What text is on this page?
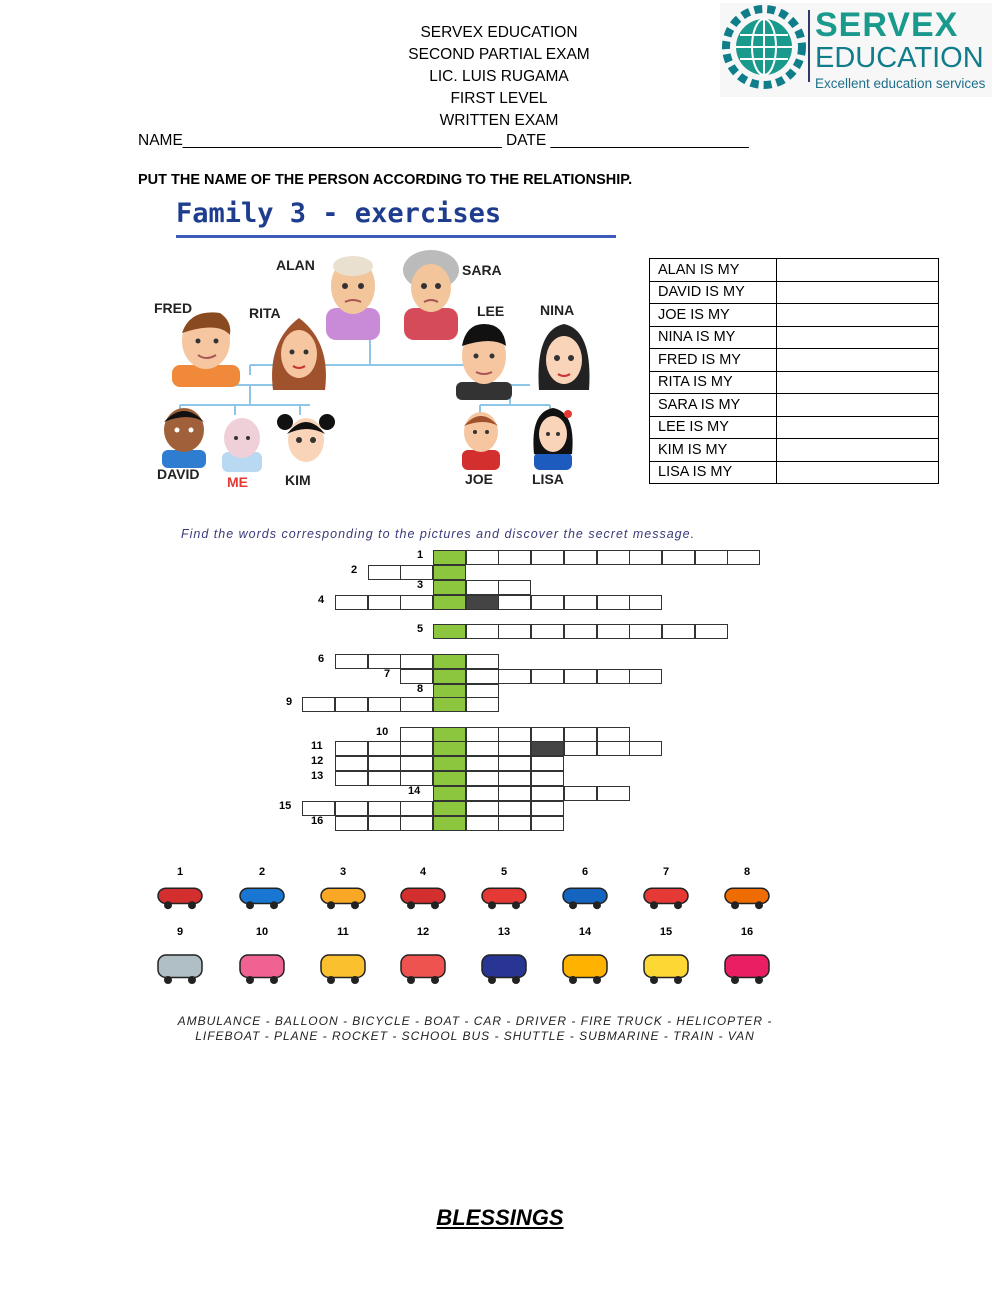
SERVEX EDUCATION
SECOND PARTIAL EXAM
LIC. LUIS RUGAMA
FIRST LEVEL
WRITTEN EXAM
SERVEX
EDUCATION
Excellent education services
NAME_____________________________________ DATE _______________________
PUT THE NAME OF THE PERSON ACCORDING TO THE RELATIONSHIP.
Family 3 - exercises
ALAN	SARA
FRED	RITA	LEE	NINA
DAVID ME	KIM	JOE	LISA
ALAN IS MY	
DAVID IS MY	
JOE IS MY	
NINA IS MY	
FRED IS MY	
RITA IS MY	
SARA IS MY	
LEE IS MY	
KIM IS MY	
LISA IS MY	
Find the words corresponding to the pictures and discover the secret message.
1
2
3
4
5
6
7
8
9
10
11
12
13
14
15
16
1	2	3	4	5	6	7	8
9	10	11	12	13	14	15	16
AMBULANCE - BALLOON - BICYCLE - BOAT - CAR - DRIVER - FIRE TRUCK - HELICOPTER -
LIFEBOAT - PLANE - ROCKET - SCHOOL BUS - SHUTTLE - SUBMARINE - TRAIN - VAN
BLESSINGS
